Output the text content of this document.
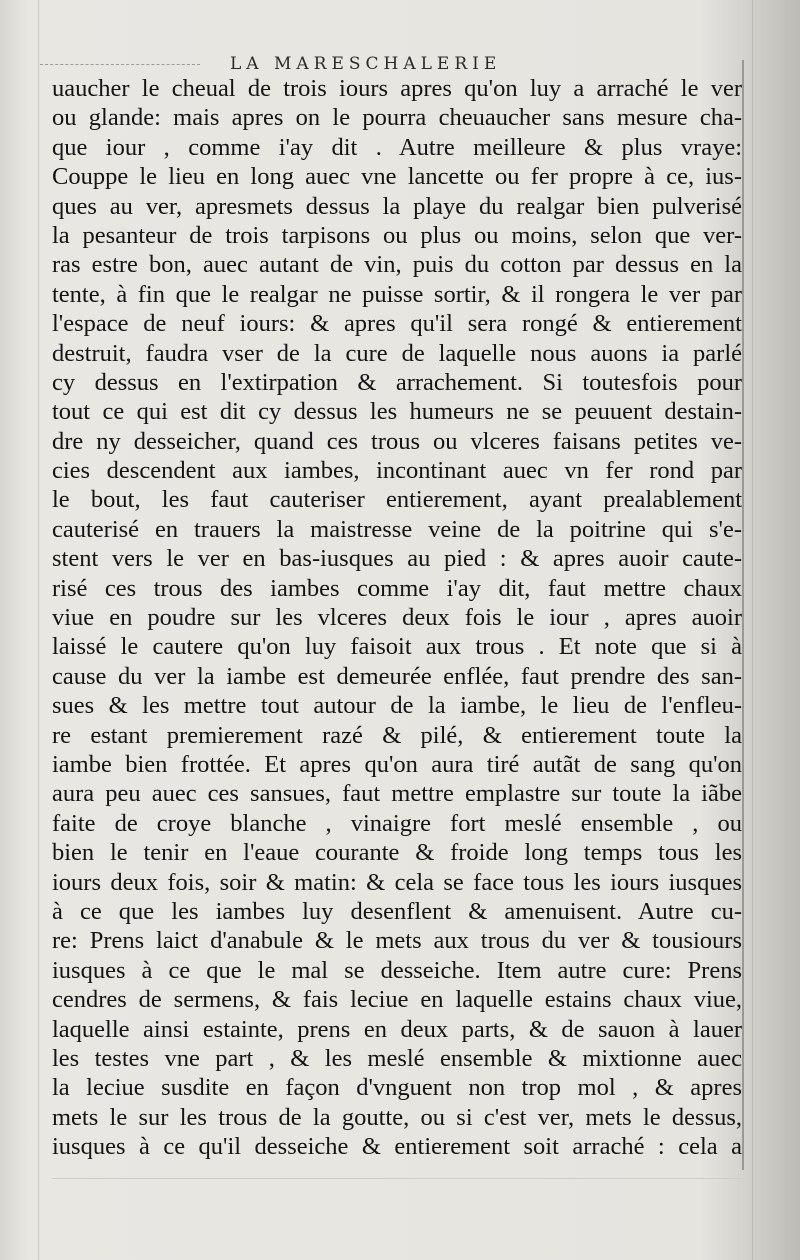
LA MARESCHALERIE
uaucher le cheual de trois iours apres qu'on luy a arraché le ver
ou glande: mais apres on le pourra cheuaucher sans mesure cha-
que iour , comme i'ay dit . Autre meilleure & plus vraye:
Couppe le lieu en long auec vne lancette ou fer propre à ce, ius-
ques au ver, apresmets dessus la playe du realgar bien pulverisé
la pesanteur de trois tarpisons ou plus ou moins, selon que ver-
ras estre bon, auec autant de vin, puis du cotton par dessus en la
tente, à fin que le realgar ne puisse sortir, & il rongera le ver par
l'espace de neuf iours: & apres qu'il sera rongé & entierement
destruit, faudra vser de la cure de laquelle nous auons ia parlé
cy dessus en l'extirpation & arrachement. Si toutesfois pour
tout ce qui est dit cy dessus les humeurs ne se peuuent destain-
dre ny desseicher, quand ces trous ou vlceres faisans petites ve-
cies descendent aux iambes, incontinant auec vn fer rond par
le bout, les faut cauteriser entierement, ayant prealablement
cauterisé en trauers la maistresse veine de la poitrine qui s'e-
stent vers le ver en bas-iusques au pied : & apres auoir caute-
risé ces trous des iambes comme i'ay dit, faut mettre chaux
viue en poudre sur les vlceres deux fois le iour , apres auoir
laissé le cautere qu'on luy faisoit aux trous . Et note que si à
cause du ver la iambe est demeurée enflée, faut prendre des san-
sues & les mettre tout autour de la iambe, le lieu de l'enfleu-
re estant premierement razé & pilé, & entierement toute la
iambe bien frottée. Et apres qu'on aura tiré autãt de sang qu'on
aura peu auec ces sansues, faut mettre emplastre sur toute la iãbe
faite de croye blanche , vinaigre fort meslé ensemble , ou
bien le tenir en l'eaue courante & froide long temps tous les
iours deux fois, soir & matin: & cela se face tous les iours iusques
à ce que les iambes luy desenflent & amenuisent. Autre cu-
re: Prens laict d'anabule & le mets aux trous du ver & tousiours
iusques à ce que le mal se desseiche. Item autre cure: Prens
cendres de sermens, & fais leciue en laquelle estains chaux viue,
laquelle ainsi estainte, prens en deux parts, & de sauon à lauer
les testes vne part , & les meslé ensemble & mixtionne auec
la leciue susdite en façon d'vnguent non trop mol , & apres
mets le sur les trous de la goutte, ou si c'est ver, mets le dessus,
iusques à ce qu'il desseiche & entierement soit arraché : cela a
